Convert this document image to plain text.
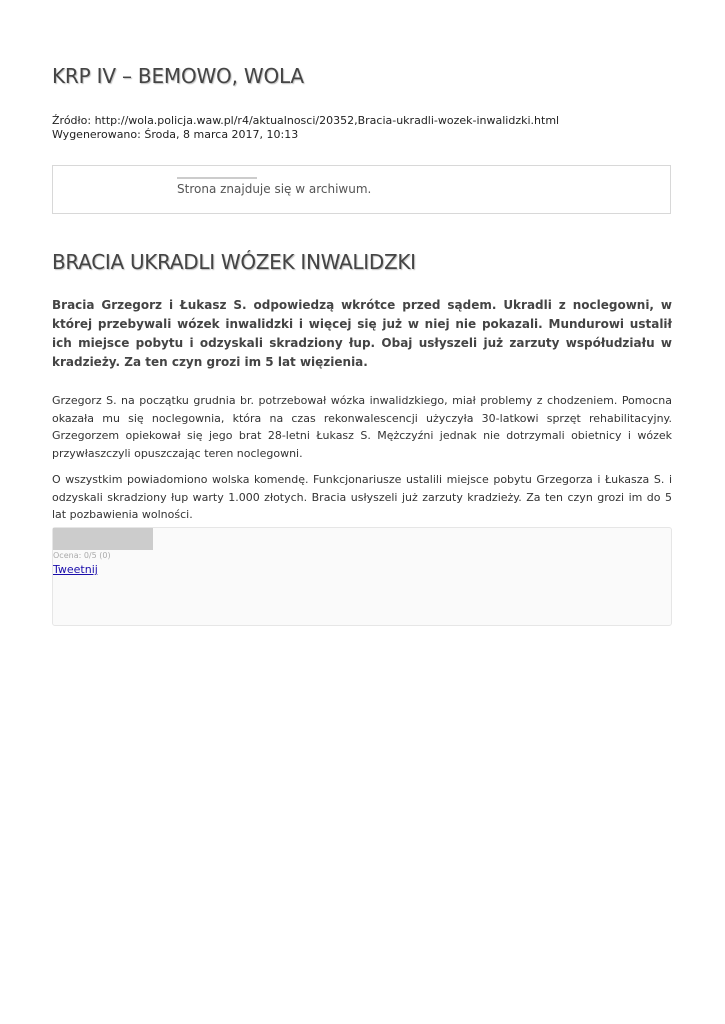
KRP IV – BEMOWO, WOLA
Źródło: http://wola.policja.waw.pl/r4/aktualnosci/20352,Bracia-ukradli-wozek-inwalidzki.html
Wygenerowano: Środa, 8 marca 2017, 10:13
Strona znajduje się w archiwum.
BRACIA UKRADLI WÓZEK INWALIDZKI

Bracia Grzegorz i Łukasz S. odpowiedzą wkrótce przed sądem. Ukradli z noclegowni, w której przebywali wózek inwalidzki i więcej się już w niej nie pokazali. Mundurowi ustalił ich miejsce pobytu i odzyskali skradziony łup. Obaj usłyszeli już zarzuty współudziału w kradzieży. Za ten czyn grozi im 5 lat więzienia.

Grzegorz S. na początku grudnia br. potrzebował wózka inwalidzkiego, miał problemy z chodzeniem. Pomocna okazała mu się noclegownia, która na czas rekonwalescencji użyczyła 30-latkowi sprzęt rehabilitacyjny. Grzegorzem opiekował się jego brat 28-letni Łukasz S. Mężczyźni jednak nie dotrzymali obietnicy i wózek przywłaszczyli opuszczając teren noclegowni.

O wszystkim powiadomiono wolska komendę. Funkcjonariusze ustalili miejsce pobytu Grzegorza i Łukasza S. i odzyskali skradziony łup warty 1.000 złotych. Bracia usłyszeli już zarzuty kradzieży. Za ten czyn grozi im do 5 lat pozbawienia wolności.

Ocena: 0/5 (0)
Tweetnij
